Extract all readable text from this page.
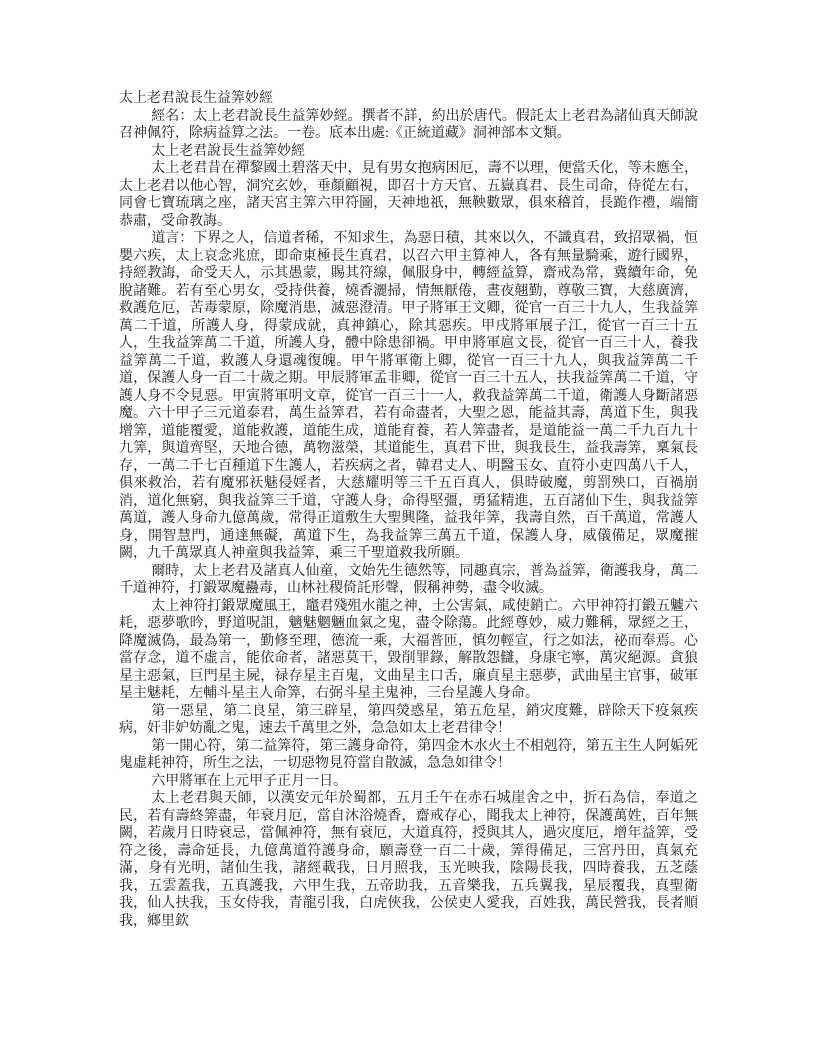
太上老君說長生益筭妙經

經名：太上老君說長生益筭妙經。撰者不詳，約出於唐代。假託太上老君為諸仙真天師說召神佩符，除病益算之法。一卷。底本出處:《正統道藏》洞神部本文類。

太上老君說長生益筭妙經

太上老君昔在禪黎國土碧落天中，見有男女抱病困厄，壽不以理，便當夭化，等未應全，太上老君以他心智，洞究玄妙，垂顏顧視，即召十方天官、五嶽真君、長生司命，侍從左右，同會七寶琉璃之座，諸天宮主筭六甲符圖，天神地祇，無鞅數眾，俱來稽首，長跪作禮，端簡恭肅，受命教誨。

道言：下界之人，信道者稀，不知求生，為惡日積，其來以久，不識真君，致招眾禍，恒嬰六疾，太上哀念兆庶，即命東極長生真君，以召六甲主算神人，各有無量騎乘，遊行國界，持經教誨，命受天人，示其愚蒙，賜其符線，佩服身中，轉經益算，齋戒為常，冀續年命，免脫諸難。若有至心男女，受持供養，燒香灑掃，情無厭倦，晝夜翹勤，尊敬三寶，大慈廣濟，救護危厄，苦毒蒙原，除魔消患，滅惡澄清。甲子將軍王文卿，從官一百三十九人，生我益筭萬二千道，所護人身，得蒙成就，真神鎮心，除其惡疾。甲戌將軍展子江，從官一百三十五人，生我益筭萬二千道，所護人身，體中除患卻禍。甲申將軍扈文長，從官一百三十人，養我益筭萬二千道，救護人身還魂復魄。甲午將軍衛上卿，從官一百三十九人，與我益筭萬二千道，保護人身一百二十歲之期。甲辰將軍孟非卿，從官一百三十五人，扶我益筭萬二千道，守護人身不令見惡。甲寅將軍明文章，從官一百三十一人，救我益筭萬二千道，衛護人身斷諸惡魔。六十甲子三元道泰君，萬生益筭君，若有命盡者，大聖之恩，能益其壽，萬道下生，與我增筭，道能覆愛，道能救護，道能生成，道能育養，若人筭盡者，是道能益一萬二千九百九十九筭，與道齊堅，天地合德，萬物滋榮，其道能生，真君下世，與我長生，益我壽筭，稟氣長存，一萬二千七百種道下生護人，若疾病之者，韓君丈人、明醫玉女、直符小吏四萬八千人，俱來救治，若有魔邪祆魅侵婬者，大慈耀明等三千五百真人，俱時破魔，剪罰殃口，百禍崩消，道化無窮，與我益筭三千道，守護人身，命得堅彊，勇猛精進，五百諸仙下生，與我益筭萬道，護人身命九億萬歲，常得正道敷生大聖興隆，益我年筭，我壽自然，百千萬道，常護人身，開智慧門，通達無礙，萬道下生，為我益筭三萬五千道，保護人身，威儀備足，眾魔摧闕，九千萬眾真人神童與我益筭，乘三千聖道救我所願。

爾時，太上老君及諸真人仙童，文始先生德然等，同趣真宗，普為益筭，衛護我身，萬二千道神符，打鍛眾魔蠱毒，山林社稷倚託形聲，假稱神勢，盡令收滅。

太上神符打鍛眾魔風王，竈君殘殂水龍之神，土公害氣，咸使銷亡。六甲神符打鍛五魖六耗，惡夢歌昑，野道呪詛，魑魅魍魎血氣之鬼，盡令除蕩。此經尊妙，威力難稱，眾經之王，降魔滅偽，最為第一，勤修至理，德流一乘，大福普匝，慎勿輕宣，行之如法，祕而奉焉。心當存念，道不虛言，能依命者，諸惡莫干，毀削罪錄，解散怨讎，身康宅寧，萬灾絕源。貪狼星主惡氣，巨門星主屍，禄存星主百鬼，文曲星主口舌，廉貞星主惡夢，武曲星主官事，破軍星主魅耗，左輔斗星主人命筭，右弼斗星主鬼神，三台星護人身命。

第一惡星，第二良星，第三辟星，第四熒惑星，第五危星，銷灾度難，辟除天下疫氣疾病，奸非妒妨亂之鬼，速去千萬里之外，急急如太上老君律令！

第一開心符，第二益筭符，第三護身命符，第四金木水火土不相剋符，第五主生人阿姤死鬼虛耗神符，所生之法，一切惡物見符當自散滅，急急如律令！

六甲將軍在上元甲子正月一日。

太上老君與天師，以漢安元年於蜀都，五月壬午在赤石城崖舍之中，折石為信，奉道之民，若有壽終筭盡，年衰月厄，當自沐浴燒香，齋戒存心，聞我太上神符，保護萬姓，百年無闕，若歲月日時衰忌，當佩神符，無有衰厄，大道真符，授與其人，過灾度厄，增年益筭，受符之後，壽命延長，九億萬道符護身命，願壽登一百二十歲，筭得備足，三宮丹田，真氣充滿，身有光明，諸仙生我，諸經載我，日月照我，玉光映我，陰陽長我，四時養我，五芝蔭我，五雲蓋我，五真護我，六甲生我，五帝助我，五音樂我，五兵翼我，星辰覆我，真聖衛我，仙人扶我，玉女侍我，青龍引我，白虎俠我，公侯吏人愛我，百姓我，萬民營我，長者順我，鄉里欽
